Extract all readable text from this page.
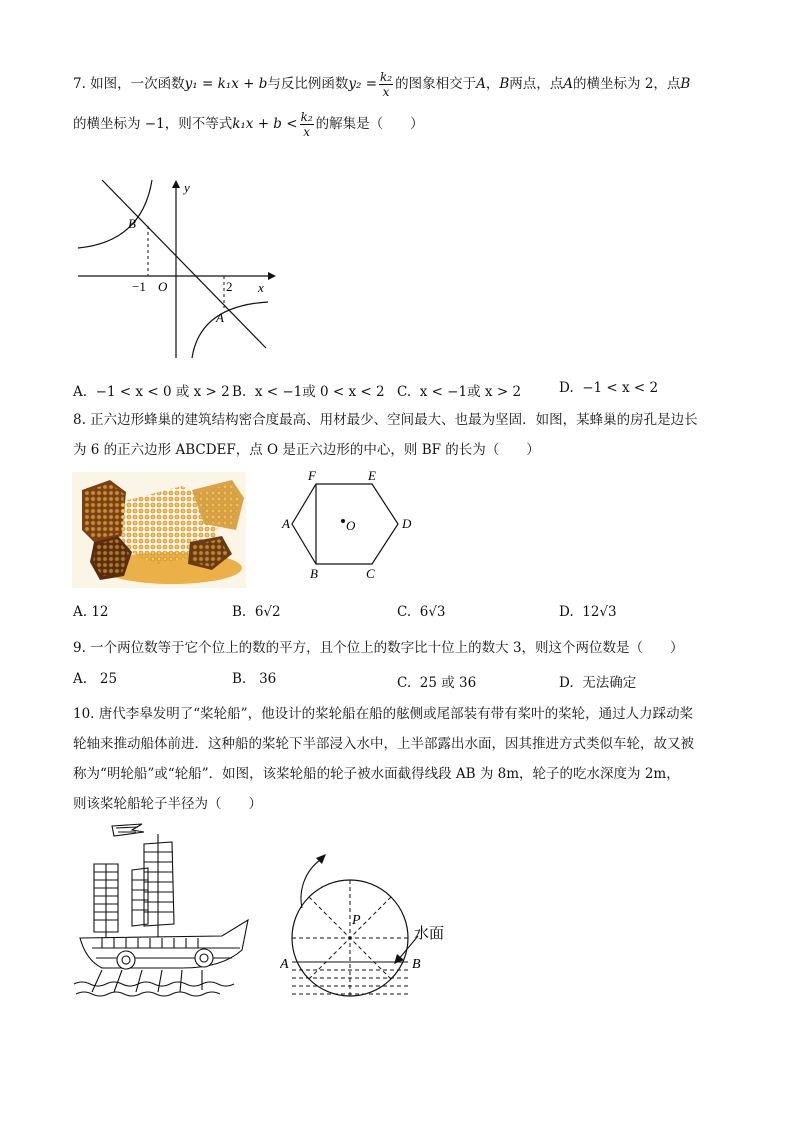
7. 如图，一次函数y₁ = k₁x + b与反比例函数$y_2 = \frac{\text{k₂}}{x}$ 的图象相交于A，B两点，点A的横坐标为 2，点B
的横坐标为 −1，则不等式$k_1x + b < \frac{\text{k₂}}{x}$ 的解集是（　　）
y
x
O
−1	2
B
A
A. −1 < x < 0 或 x > 2 B. x < −1或 0 < x < 2 C. x < −1或 x > 2	D. −1 < x < 2
8. 正六边形蜂巢的建筑结构密合度最高、用材最少、空间最大、也最为坚固．如图，某蜂巢的房孔是边长
为 6 的正六边形 ABCDEF，点 O 是正六边形的中心，则 BF 的长为（　　）
F	E
A	D
O
B	C
A. 12	B. 6√2	C. 6√3	D. 12√3
9. 一个两位数等于它个位上的数的平方，且个位上的数字比十位上的数大 3，则这个两位数是（　　）
A. 25	B. 36	C. 25 或 36	D. 无法确定
10. 唐代李皋发明了“桨轮船”，他设计的桨轮船在船的舷侧或尾部装有带有桨叶的桨轮，通过人力踩动桨
轮轴来推动船体前进．这种船的桨轮下半部浸入水中，上半部露出水面，因其推进方式类似车轮，故又被
称为“明轮船”或“轮船”．如图，该桨轮船的轮子被水面截得线段 AB 为 8m，轮子的吃水深度为 2m，
则该桨轮船轮子半径为（　　）
P
A	B
水面
